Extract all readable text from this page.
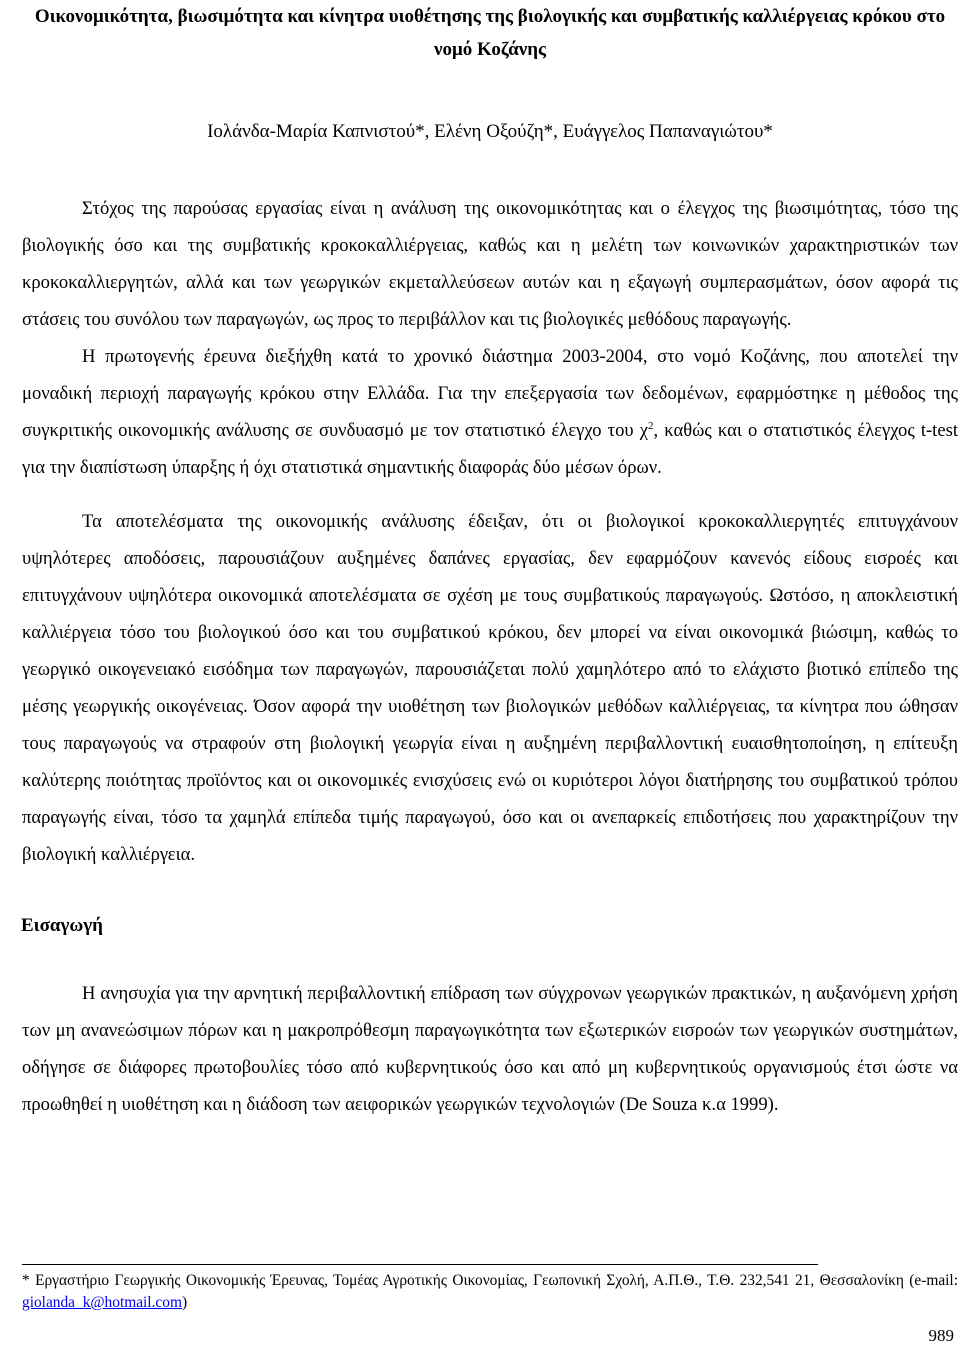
Οικονομικότητα, βιωσιμότητα και κίνητρα υιοθέτησης της βιολογικής και συμβατικής καλλιέργειας κρόκου στο νομό Κοζάνης

Ιολάνδα-Μαρία Καπνιστού*, Ελένη Οξούζη*, Ευάγγελος Παπαναγιώτου*

Στόχος της παρούσας εργασίας είναι η ανάλυση της οικονομικότητας και ο έλεγχος της βιωσιμότητας, τόσο της βιολογικής όσο και της συμβατικής κροκοκαλλιέργειας, καθώς και η μελέτη των κοινωνικών χαρακτηριστικών των κροκοκαλλιεργητών, αλλά και των γεωργικών εκμεταλλεύσεων αυτών και η εξαγωγή συμπερασμάτων, όσον αφορά τις στάσεις του συνόλου των παραγωγών, ως προς το περιβάλλον και τις βιολογικές μεθόδους παραγωγής.

Η πρωτογενής έρευνα διεξήχθη κατά το χρονικό διάστημα 2003-2004, στο νομό Κοζάνης, που αποτελεί την μοναδική περιοχή παραγωγής κρόκου στην Ελλάδα. Για την επεξεργασία των δεδομένων, εφαρμόστηκε η μέθοδος της συγκριτικής οικονομικής ανάλυσης σε συνδυασμό με τον στατιστικό έλεγχο του $\chi^2$, καθώς και ο στατιστικός έλεγχος t-test για την διαπίστωση ύπαρξης ή όχι στατιστικά σημαντικής διαφοράς δύο μέσων όρων.

Τα αποτελέσματα της οικονομικής ανάλυσης έδειξαν, ότι οι βιολογικοί κροκοκαλλιεργητές επιτυγχάνουν υψηλότερες αποδόσεις, παρουσιάζουν αυξημένες δαπάνες εργασίας, δεν εφαρμόζουν κανενός είδους εισροές και επιτυγχάνουν υψηλότερα οικονομικά αποτελέσματα σε σχέση με τους συμβατικούς παραγωγούς. Ωστόσο, η αποκλειστική καλλιέργεια τόσο του βιολογικού όσο και του συμβατικού κρόκου, δεν μπορεί να είναι οικονομικά βιώσιμη, καθώς το γεωργικό οικογενειακό εισόδημα των παραγωγών, παρουσιάζεται πολύ χαμηλότερο από το ελάχιστο βιοτικό επίπεδο της μέσης γεωργικής οικογένειας. Όσον αφορά την υιοθέτηση των βιολογικών μεθόδων καλλιέργειας, τα κίνητρα που ώθησαν τους παραγωγούς να στραφούν στη βιολογική γεωργία είναι η αυξημένη περιβαλλοντική ευαισθητοποίηση, η επίτευξη καλύτερης ποιότητας προϊόντος και οι οικονομικές ενισχύσεις ενώ οι κυριότεροι λόγοι διατήρησης του συμβατικού τρόπου παραγωγής είναι, τόσο τα χαμηλά επίπεδα τιμής παραγωγού, όσο και οι ανεπαρκείς επιδοτήσεις που χαρακτηρίζουν την βιολογική καλλιέργεια.

Εισαγωγή

Η ανησυχία για την αρνητική περιβαλλοντική επίδραση των σύγχρονων γεωργικών πρακτικών, η αυξανόμενη χρήση των μη ανανεώσιμων πόρων και η μακροπρόθεσμη παραγωγικότητα των εξωτερικών εισροών των γεωργικών συστημάτων, οδήγησε σε διάφορες πρωτοβουλίες τόσο από κυβερνητικούς όσο και από μη κυβερνητικούς οργανισμούς έτσι ώστε να προωθηθεί η υιοθέτηση και η διάδοση των αειφορικών γεωργικών τεχνολογιών (De Souza κ.α 1999).

* Εργαστήριο Γεωργικής Οικονομικής Έρευνας, Τομέας Αγροτικής Οικονομίας, Γεωπονική Σχολή, Α.Π.Θ., Τ.Θ. 232,541 21, Θεσσαλονίκη (e-mail: giolanda_k@hotmail.com)
989
